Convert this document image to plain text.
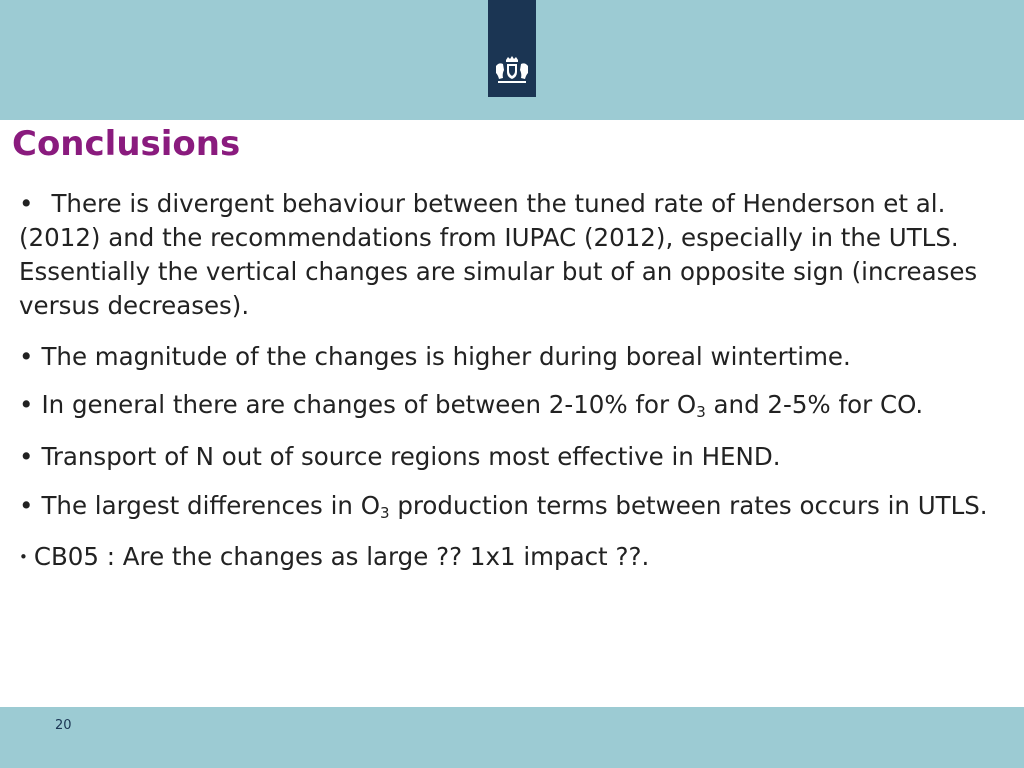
Conclusions

• There is divergent behaviour between the tuned rate of Henderson et al. (2012) and the recommendations from IUPAC (2012), especially in the UTLS. Essentially the vertical changes are simular but of an opposite sign (increases versus decreases).

• The magnitude of the changes is higher during boreal wintertime.

• In general there are changes of between 2-10% for $O_3$ and 2-5% for CO.

• Transport of N out of source regions most effective in HEND.

• The largest differences in $O_3$ production terms between rates occurs in UTLS.

• CB05 : Are the changes as large ?? 1x1 impact ??.

20
